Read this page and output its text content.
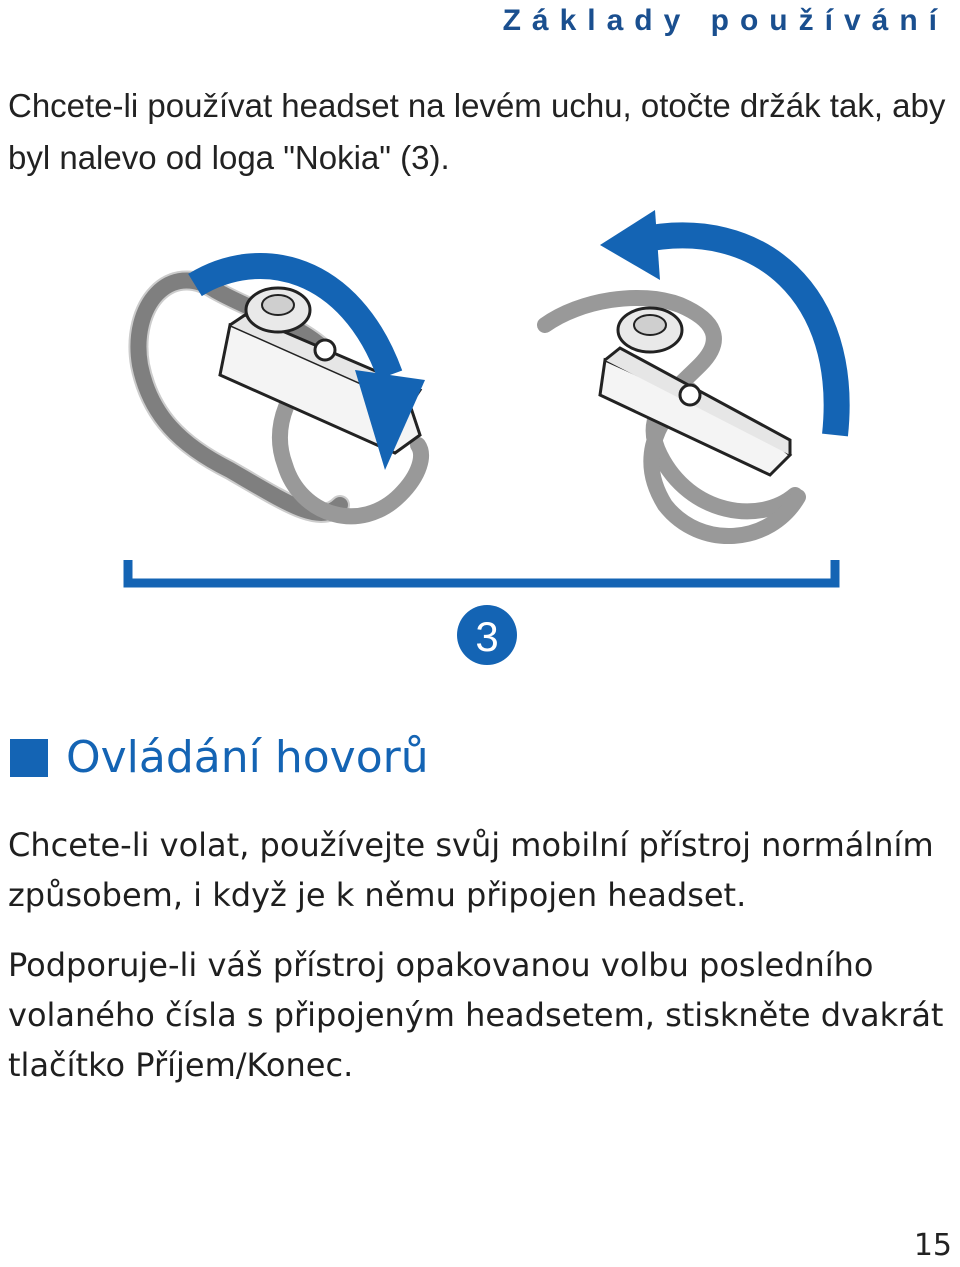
Základy používání
Chcete-li používat headset na levém uchu, otočte držák tak, aby byl nalevo od loga "Nokia" (3).
3
Ovládání hovorů
Chcete-li volat, používejte svůj mobilní přístroj normálním způsobem, i když je k němu připojen headset.
Podporuje-li váš přístroj opakovanou volbu posledního volaného čísla s připojeným headsetem, stiskněte dvakrát tlačítko Příjem/Konec.
15
